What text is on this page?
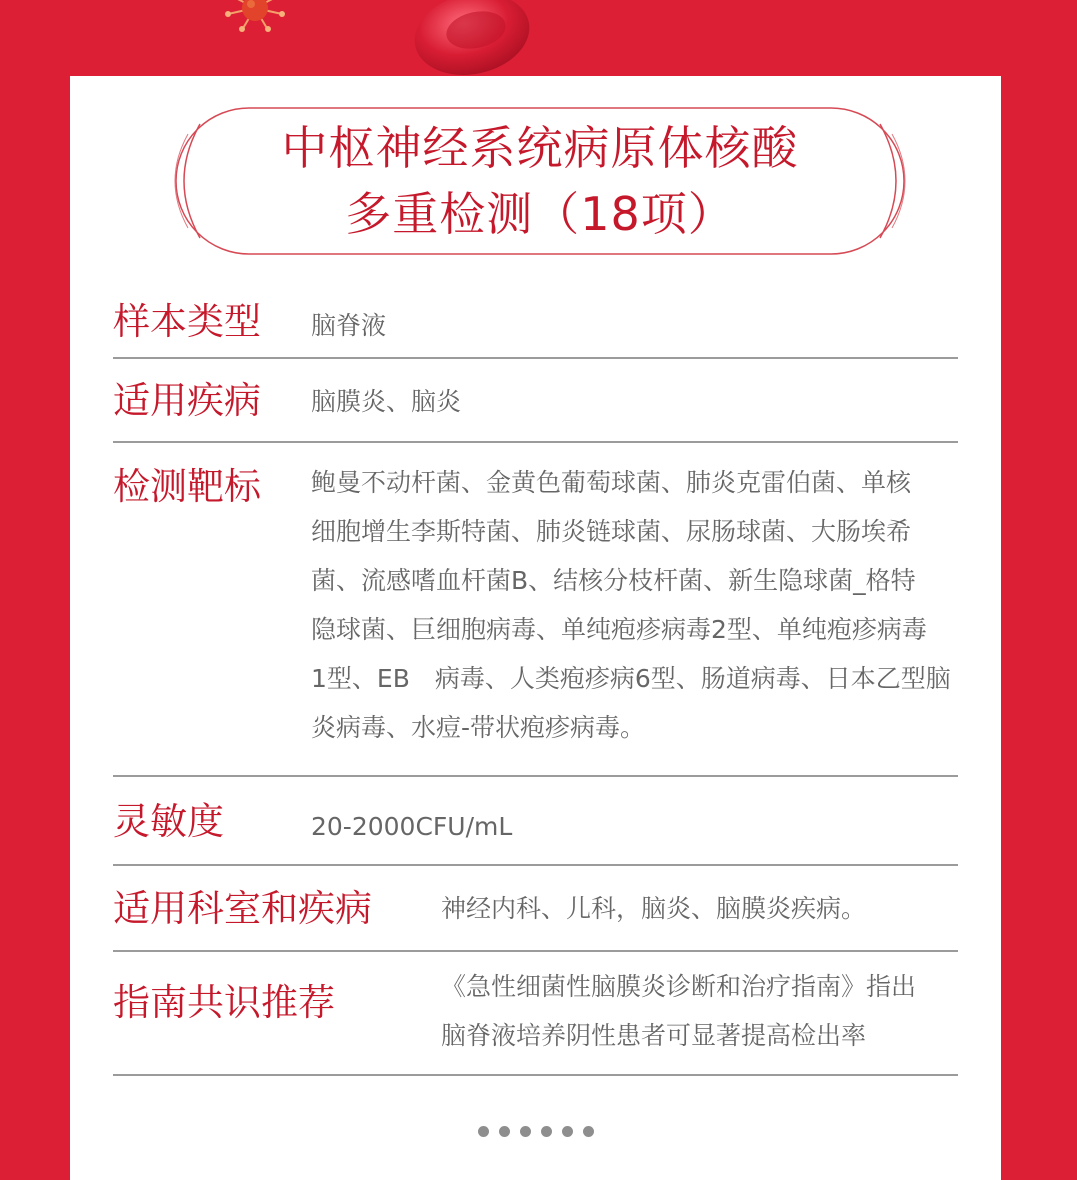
中枢神经系统病原体核酸
多重检测（18项）
样本类型 脑脊液
适用疾病 脑膜炎、脑炎
检测靶标 鲍曼不动杆菌、金黄色葡萄球菌、肺炎克雷伯菌、单核
细胞增生李斯特菌、肺炎链球菌、尿肠球菌、大肠埃希
菌、流感嗜血杆菌B、结核分枝杆菌、新生隐球菌_格特
隐球菌、巨细胞病毒、单纯疱疹病毒2型、单纯疱疹病毒
1型、EB　病毒、人类疱疹病6型、肠道病毒、日本乙型脑
炎病毒、水痘-带状疱疹病毒。
灵敏度	20-2000CFU/mL
适用科室和疾病	神经内科、儿科，脑炎、脑膜炎疾病。
指南共识推荐	《急性细菌性脑膜炎诊断和治疗指南》指出
脑脊液培养阴性患者可显著提高检出率
